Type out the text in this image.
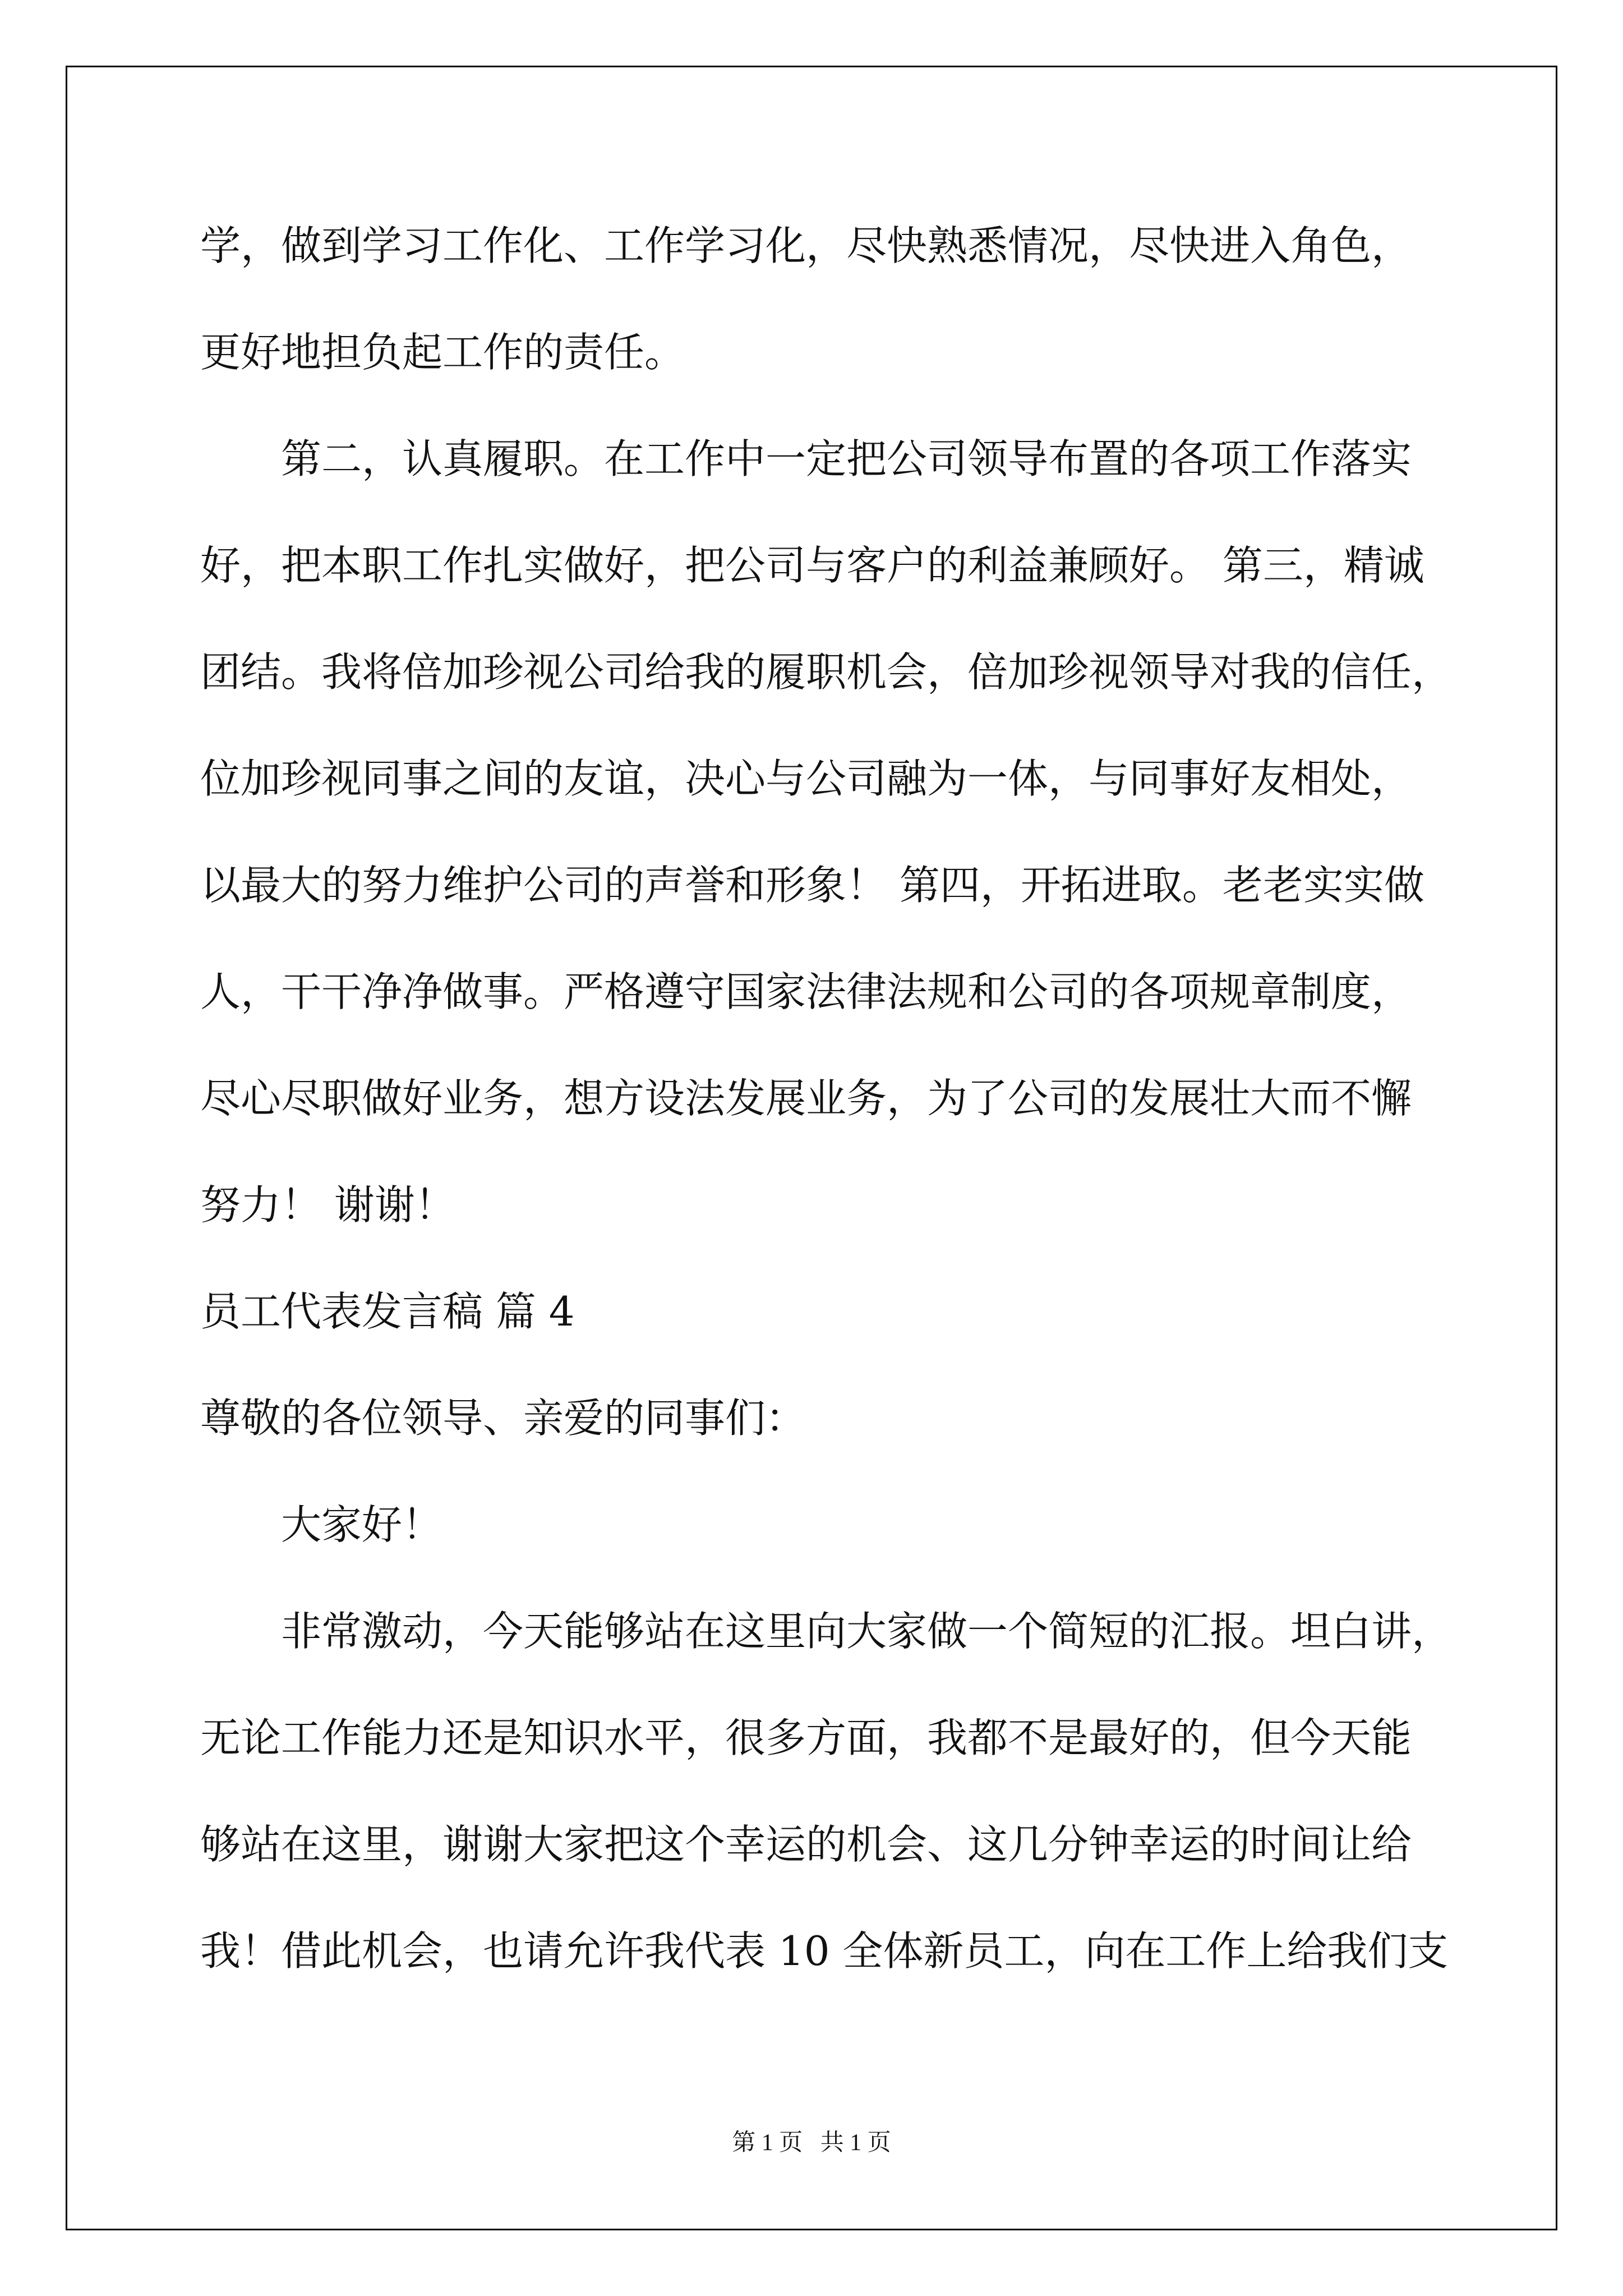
学，做到学习工作化、工作学习化，尽快熟悉情况，尽快进入角色，
更好地担负起工作的责任。
第二，认真履职。在工作中一定把公司领导布置的各项工作落实
好，把本职工作扎实做好，把公司与客户的利益兼顾好。 第三，精诚
团结。我将倍加珍视公司给我的履职机会，倍加珍视领导对我的信任，
位加珍视同事之间的友谊，决心与公司融为一体，与同事好友相处，
以最大的努力维护公司的声誉和形象！ 第四，开拓进取。老老实实做
人，干干净净做事。严格遵守国家法律法规和公司的各项规章制度，
尽心尽职做好业务，想方设法发展业务，为了公司的发展壮大而不懈
努力！ 谢谢！
员工代表发言稿 篇 4
尊敬的各位领导、亲爱的同事们：
大家好！
非常激动，今天能够站在这里向大家做一个简短的汇报。坦白讲，
无论工作能力还是知识水平，很多方面，我都不是最好的，但今天能
够站在这里，谢谢大家把这个幸运的机会、这几分钟幸运的时间让给
我！借此机会，也请允许我代表 10 全体新员工，向在工作上给我们支
第 1 页   共 1 页
